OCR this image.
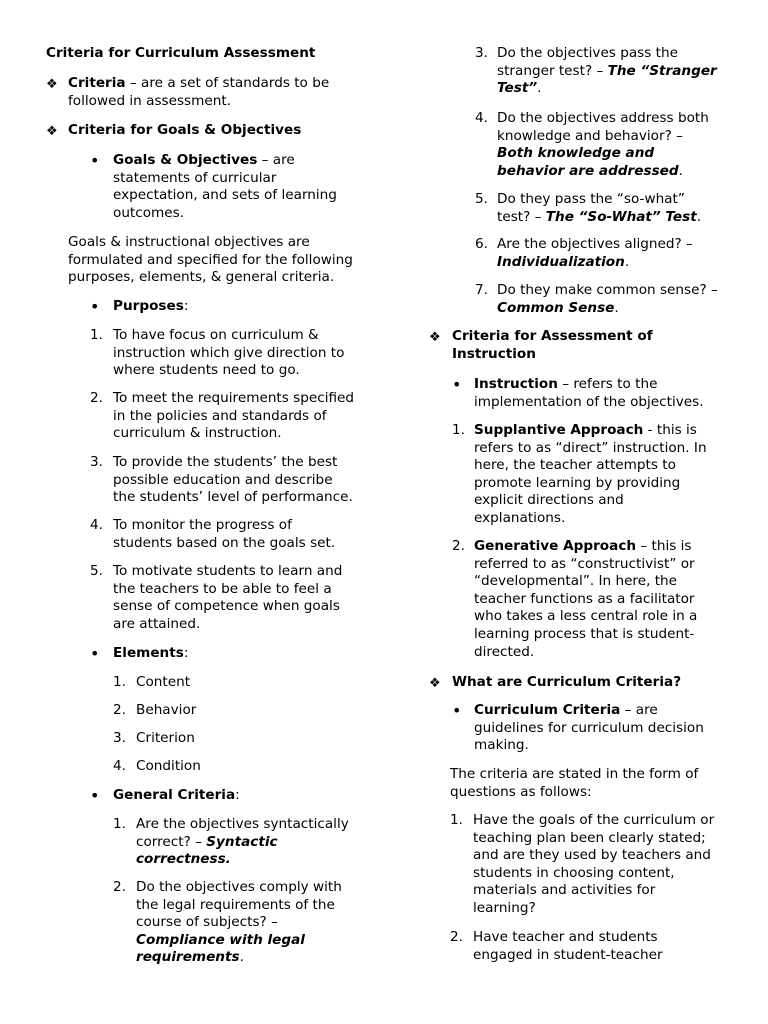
Criteria for Curriculum Assessment
❖ Criteria – are a set of standards to be

followed in assessment.

❖ Criteria for Goals & Objectives
• Goals & Objectives – are

statements of curricular

expectation, and sets of learning

outcomes.

Goals & instructional objectives are

formulated and specified for the following

purposes, elements, & general criteria.

• Purposes:
1. To have focus on curriculum &

instruction which give direction to

where students need to go.

2. To meet the requirements specified

in the policies and standards of

curriculum & instruction.

3. To provide the students’ the best

possible education and describe

the students’ level of performance.

4. To monitor the progress of

students based on the goals set.

5. To motivate students to learn and

the teachers to be able to feel a

sense of competence when goals

are attained.

• Elements:
1. Content
2. Behavior
3. Criterion
4. Condition
• General Criteria:
1. Are the objectives syntactically

correct? – Syntactic

correctness.

2. Do the objectives comply with

the legal requirements of the

course of subjects? –

Compliance with legal

requirements.

3. Do the objectives pass the

stranger test? – The “Stranger

Test”.

4. Do the objectives address both

knowledge and behavior? –

Both knowledge and

behavior are addressed.

5. Do they pass the “so-what”

test? – The “So-What” Test.

6. Are the objectives aligned? –

Individualization.

7. Do they make common sense? –

Common Sense.

❖ Criteria for Assessment of

Instruction

• Instruction – refers to the

implementation of the objectives.

1. Supplantive Approach - this is

refers to as “direct” instruction. In

here, the teacher attempts to

promote learning by providing

explicit directions and

explanations.

2. Generative Approach – this is

referred to as “constructivist” or

“developmental”. In here, the

teacher functions as a facilitator

who takes a less central role in a

learning process that is student-

directed.

❖ What are Curriculum Criteria?
• Curriculum Criteria – are

guidelines for curriculum decision

making.

The criteria are stated in the form of

questions as follows:

1. Have the goals of the curriculum or

teaching plan been clearly stated;

and are they used by teachers and

students in choosing content,

materials and activities for

learning?

2. Have teacher and students

engaged in student-teacher
